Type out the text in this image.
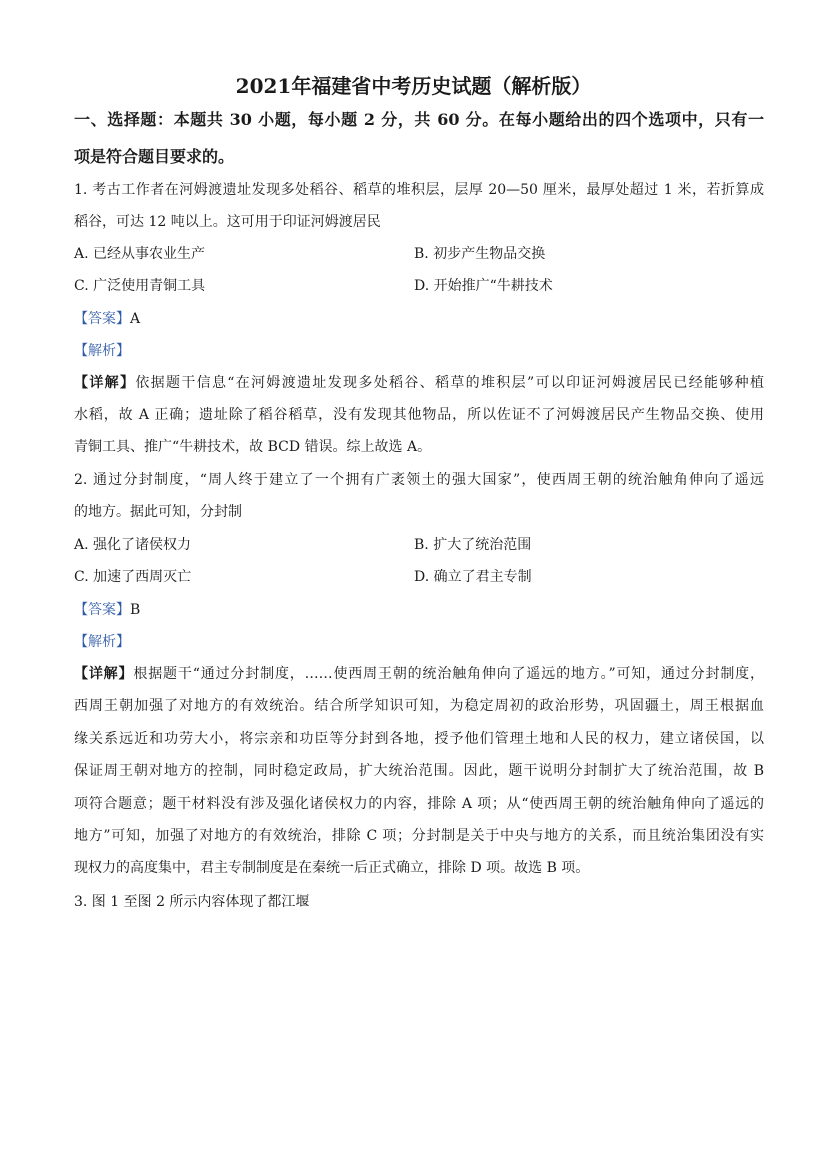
2021年福建省中考历史试题（解析版）
一、选择题：本题共 30 小题，每小题 2 分，共 60 分。在每小题给出的四个选项中，只有一
项是符合题目要求的。
1. 考古工作者在河姆渡遗址发现多处稻谷、稻草的堆积层，层厚 20—50 厘米，最厚处超过 1 米，若折算成
稻谷，可达 12 吨以上。这可用于印证河姆渡居民
A. 已经从事农业生产	B. 初步产生物品交换
C. 广泛使用青铜工具	D. 开始推广“牛耕技术
【答案】A
【解析】
【详解】依据题干信息“在河姆渡遗址发现多处稻谷、稻草的堆积层”可以印证河姆渡居民已经能够种植
水稻，故 A 正确；遗址除了稻谷稻草，没有发现其他物品，所以佐证不了河姆渡居民产生物品交换、使用
青铜工具、推广“牛耕技术，故 BCD 错误。综上故选 A。
2. 通过分封制度，“周人终于建立了一个拥有广袤领土的强大国家”，使西周王朝的统治触角伸向了遥远
的地方。据此可知，分封制
A. 强化了诸侯权力	B. 扩大了统治范围
C. 加速了西周灭亡	D. 确立了君主专制
【答案】B
【解析】
【详解】根据题干“通过分封制度，……使西周王朝的统治触角伸向了遥远的地方。”可知，通过分封制度，
西周王朝加强了对地方的有效统治。结合所学知识可知，为稳定周初的政治形势，巩固疆土，周王根据血
缘关系远近和功劳大小，将宗亲和功臣等分封到各地，授予他们管理土地和人民的权力，建立诸侯国，以
保证周王朝对地方的控制，同时稳定政局，扩大统治范围。因此，题干说明分封制扩大了统治范围，故 B
项符合题意；题干材料没有涉及强化诸侯权力的内容，排除 A 项；从“使西周王朝的统治触角伸向了遥远的
地方”可知，加强了对地方的有效统治，排除 C 项；分封制是关于中央与地方的关系，而且统治集团没有实
现权力的高度集中，君主专制制度是在秦统一后正式确立，排除 D 项。故选 B 项。
3. 图 1 至图 2 所示内容体现了都江堰
